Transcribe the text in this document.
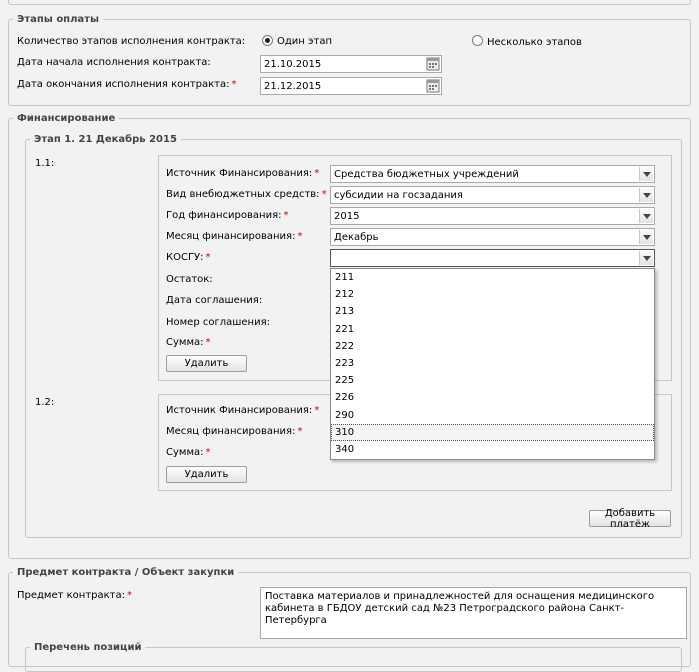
Этапы оплаты
Количество этапов исполнения контракта:	Один этап	Несколько этапов
Дата начала исполнения контракта:	21.10.2015
Дата окончания исполнения контракта: *	21.12.2015
Финансирование
Этап 1. 21 Декабрь 2015
1.1:
Источник Финансирования: *	Средства бюджетных учреждений
Вид внебюджетных средств: * субсидии на госзадания
Год финансирования: *	2015
Месяц финансирования: *	Декабрь
КОСГУ: *
Остаток:
Дата соглашения:
Номер соглашения:
Сумма: *
Удалить
1.2:
Источник Финансирования: *
Месяц финансирования: *
Сумма: *
Удалить
Добавить платёж
211
212
213
221
222
223
225
226
290
310
340
Предмет контракта / Объект закупки
Предмет контракта: *	Поставка материалов и принадлежностей для оснащения медицинского кабинета в ГБДОУ детский сад №23 Петроградского района Санкт-Петербурга
Перечень позиций
